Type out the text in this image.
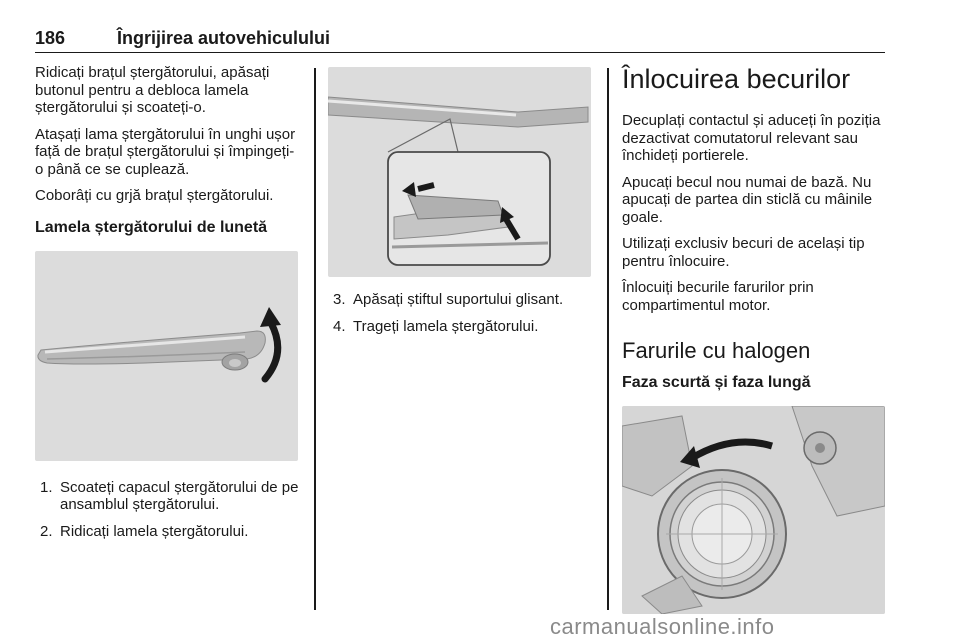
186	Îngrijirea autovehiculului

Ridicați brațul ștergătorului, apăsați butonul pentru a debloca lamela ștergătorului și scoateți-o.

Atașați lama ștergătorului în unghi ușor față de brațul ștergătorului și împingeți-o până ce se cuplează.

Coborâți cu grjă brațul ștergătorului.

Lamela ștergătorului de lunetă
1. Scoateți capacul ștergătorului de pe ansamblul ștergătorului.
2. Ridicați lamela ștergătorului.
3. Apăsați știftul suportului glisant.
4. Trageți lamela ștergătorului.
Înlocuirea becurilor

Decuplați contactul și aduceți în poziția dezactivat comutatorul relevant sau închideți portierele.

Apucați becul nou numai de bază. Nu apucați de partea din sticlă cu mâinile goale.

Utilizați exclusiv becuri de același tip pentru înlocuire.

Înlocuiți becurile farurilor prin compartimentul motor.

Farurile cu halogen
Faza scurtă și faza lungă
carmanualsonline.info
